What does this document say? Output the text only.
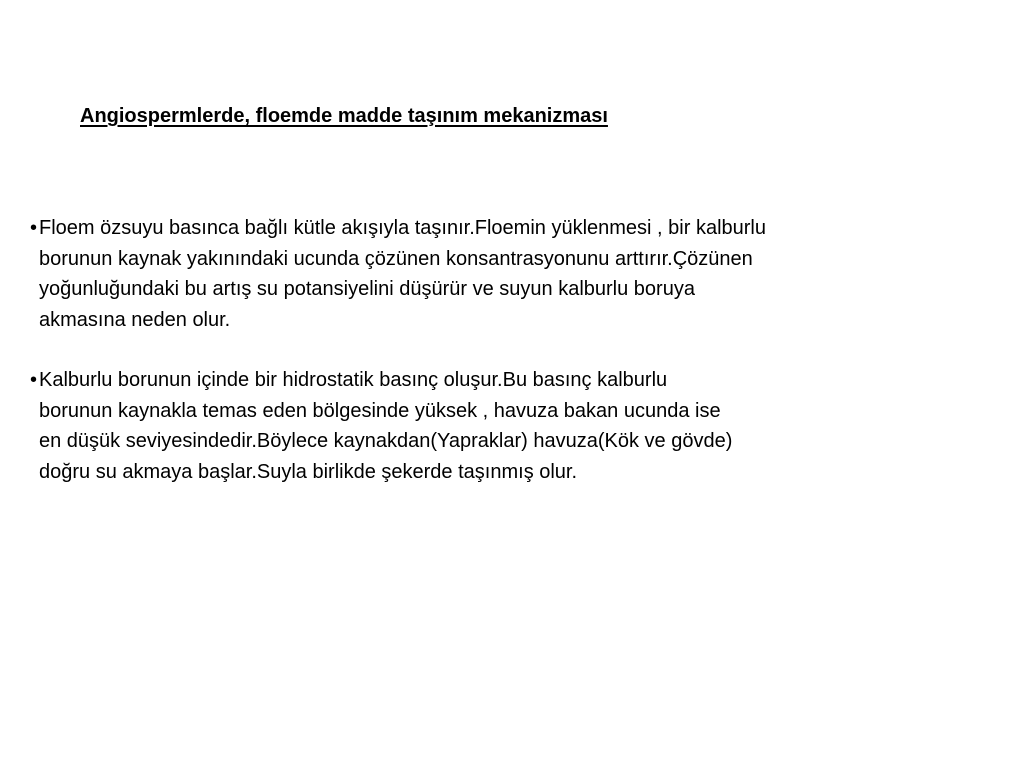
Angiospermlerde, floemde madde taşınım mekanizması
• Floem özsuyu basınca bağlı kütle akışıyla taşınır.Floemin yüklenmesi , bir kalburlu
borunun kaynak yakınındaki ucunda çözünen konsantrasyonunu arttırır.Çözünen
yoğunluğundaki bu artış su potansiyelini düşürür ve suyun kalburlu boruya
akmasına neden olur.
• Kalburlu borunun içinde bir hidrostatik basınç oluşur.Bu basınç kalburlu
borunun kaynakla temas eden bölgesinde yüksek , havuza bakan ucunda ise
en düşük seviyesindedir.Böylece kaynakdan(Yapraklar) havuza(Kök ve gövde)
doğru su akmaya başlar.Suyla birlikde şekerde taşınmış olur.
